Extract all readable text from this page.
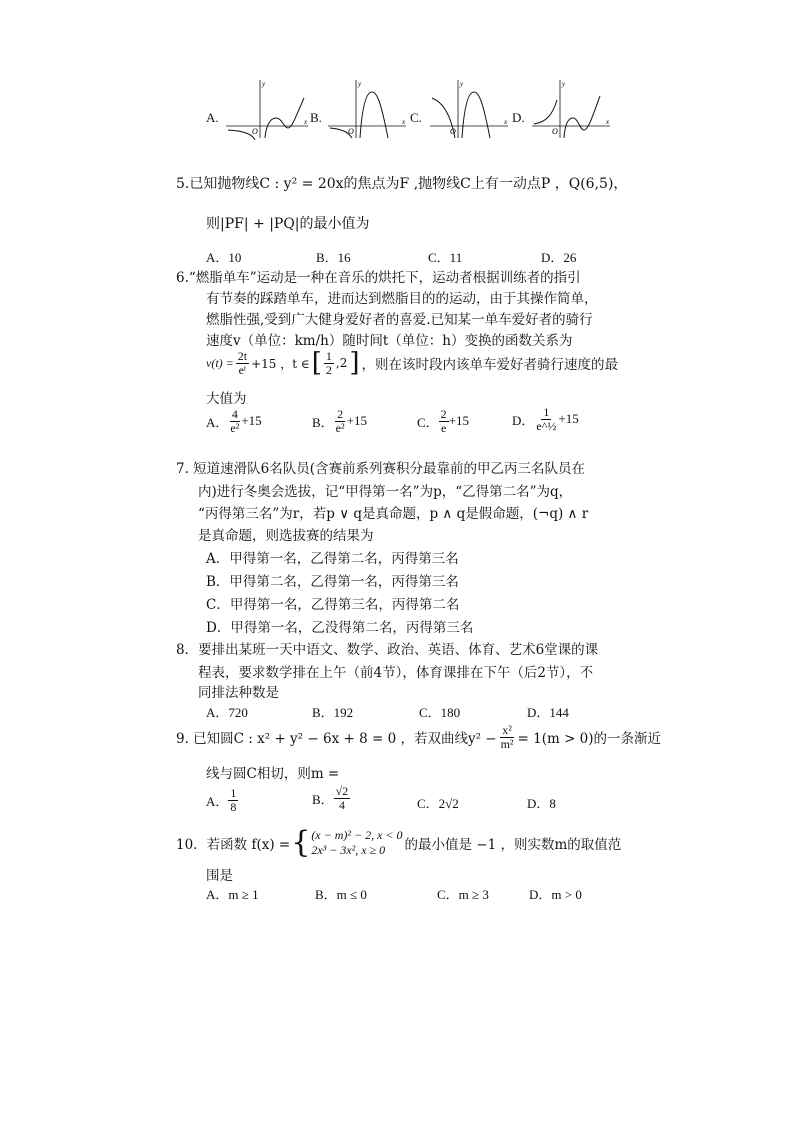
A.
O
y
x B.
O
y
x C.
O
y
x D.
O
y
x
5.已知抛物线C : y² = 20x的焦点为F ,抛物线C上有一动点P ，Q(6,5)，
则|PF| + |PQ|的最小值为
A．10	B．16	C．11	D．26
6.“燃脂单车”运动是一种在音乐的烘托下，运动者根据训练者的指引
有节奏的踩踏单车，进而达到燃脂目的的运动，由于其操作简单，
燃脂性强,受到广大健身爱好者的喜爱.已知某一单车爱好者的骑行
速度v（单位：km/h）随时间t（单位：h）变换的函数关系为
$v(t) = \frac{2t}{\text{eᵗ}} +15$ ，t ∈ [ $\frac{1}{2} ,2$ ] ，则在该时段内该单车爱好者骑行速度的最
大值为
A． $\frac{4}{\text{e²}} +15$	B． $\frac{2}{\text{e²}} +15$	C． $\frac{2}{e} +15$	D． $\frac{1}{\text{e\textasciicircum{}½}} +15$
7. 短道速滑队6名队员(含赛前系列赛积分最靠前的甲乙丙三名队员在
内)进行冬奥会选拔，记“甲得第一名”为p，“乙得第二名”为q，
“丙得第三名”为r，若p ∨ q是真命题，p ∧ q是假命题，(¬q) ∧ r
是真命题，则选拔赛的结果为
A．甲得第一名，乙得第二名，丙得第三名
B．甲得第二名，乙得第一名，丙得第三名
C．甲得第一名，乙得第三名，丙得第二名
D．甲得第一名，乙没得第二名，丙得第三名
8．要排出某班一天中语文、数学、政治、英语、体育、艺术6堂课的课
程表，要求数学排在上午（前4节），体育课排在下午（后2节），不
同排法种数是
A．720	B．192	C．180	D．144
9. 已知圆C : x² + y² − 6x + 8 = 0 ，若双曲线$y^2 - \frac{\text{x²}}{\text{m²}} = 1(m > 0)$的一条渐近
线与圆C相切，则m =
A． $\frac{1}{8}$	B． $\frac{√2}{4}$	C．2√2	D．8
10．若函数 f(x) = { (x − m)² − 2, x < 0
2x³ − 3x², x ≥ 0	的最小值是 −1 ，则实数m的取值范
围是
A．m ≥ 1	B．m ≤ 0	C．m ≥ 3	D．m > 0
